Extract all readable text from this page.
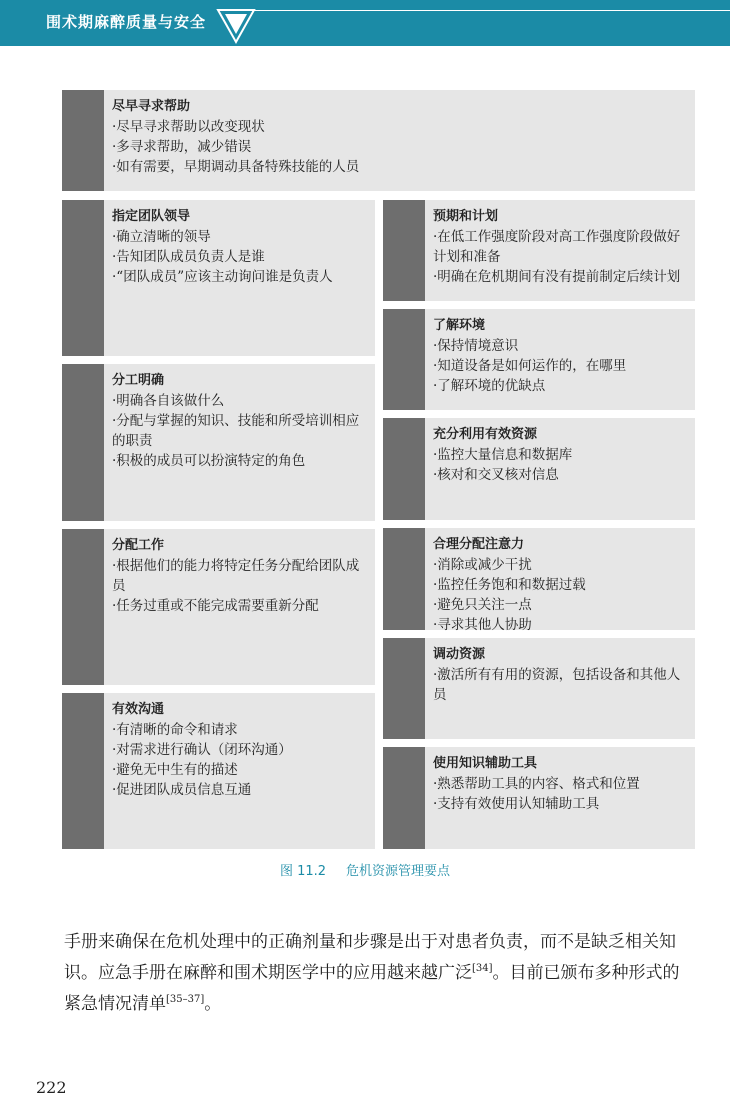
围术期麻醉质量与安全
尽早寻求帮助
·尽早寻求帮助以改变现状
·多寻求帮助，减少错误
·如有需要，早期调动具备特殊技能的人员
指定团队领导
·确立清晰的领导
·告知团队成员负责人是谁
·“团队成员”应该主动询问谁是负责人
分工明确
·明确各自该做什么
·分配与掌握的知识、技能和所受培训相应的职责
·积极的成员可以扮演特定的角色
分配工作
·根据他们的能力将特定任务分配给团队成员
·任务过重或不能完成需要重新分配
有效沟通
·有清晰的命令和请求
·对需求进行确认（闭环沟通）
·避免无中生有的描述
·促进团队成员信息互通
预期和计划
·在低工作强度阶段对高工作强度阶段做好计划和准备
·明确在危机期间有没有提前制定后续计划
了解环境
·保持情境意识
·知道设备是如何运作的，在哪里
·了解环境的优缺点
充分利用有效资源
·监控大量信息和数据库
·核对和交叉核对信息
合理分配注意力
·消除或减少干扰
·监控任务饱和和数据过载
·避免只关注一点
·寻求其他人协助
调动资源
·激活所有有用的资源，包括设备和其他人员
使用知识辅助工具
·熟悉帮助工具的内容、格式和位置
·支持有效使用认知辅助工具
图 11.2 危机资源管理要点
手册来确保在危机处理中的正确剂量和步骤是出于对患者负责，而不是缺乏相关知识。应急手册在麻醉和围术期医学中的应用越来越广泛[34]。目前已颁布多种形式的紧急情况清单[35–37]。
222
